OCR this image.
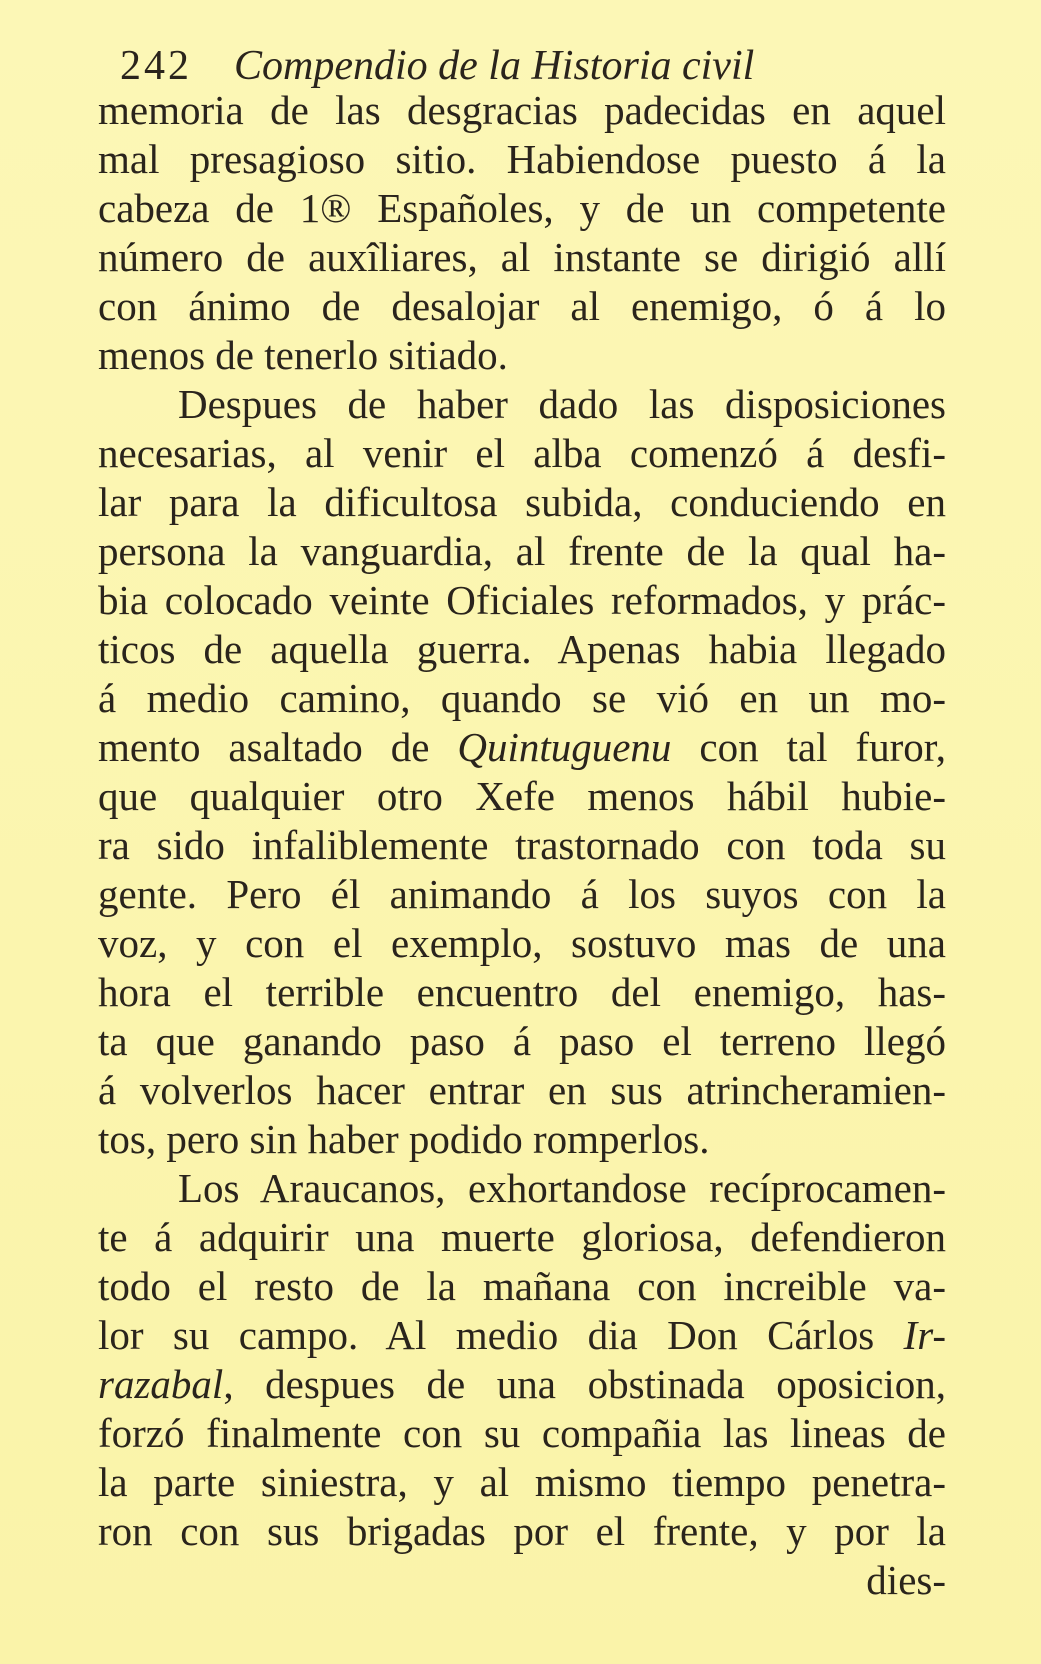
242 Compendio de la Historia civil
memoria de las desgracias padecidas en aquel
mal presagioso sitio. Habiendose puesto á la
cabeza de 1® Españoles, y de un competente
número de auxîliares, al instante se dirigió allí
con ánimo de desalojar al enemigo, ó á lo
menos de tenerlo sitiado.
Despues de haber dado las disposiciones
necesarias, al venir el alba comenzó á desfi-
lar para la dificultosa subida, conduciendo en
persona la vanguardia, al frente de la qual ha-
bia colocado veinte Oficiales reformados, y prác-
ticos de aquella guerra. Apenas habia llegado
á medio camino, quando se vió en un mo-
mento asaltado de Quintuguenu con tal furor,
que qualquier otro Xefe menos hábil hubie-
ra sido infaliblemente trastornado con toda su
gente. Pero él animando á los suyos con la
voz, y con el exemplo, sostuvo mas de una
hora el terrible encuentro del enemigo, has-
ta que ganando paso á paso el terreno llegó
á volverlos hacer entrar en sus atrincheramien-
tos, pero sin haber podido romperlos.
Los Araucanos, exhortandose recíprocamen-
te á adquirir una muerte gloriosa, defendieron
todo el resto de la mañana con increible va-
lor su campo. Al medio dia Don Cárlos Ir-
razabal, despues de una obstinada oposicion,
forzó finalmente con su compañia las lineas de
la parte siniestra, y al mismo tiempo penetra-
ron con sus brigadas por el frente, y por la
dies-
